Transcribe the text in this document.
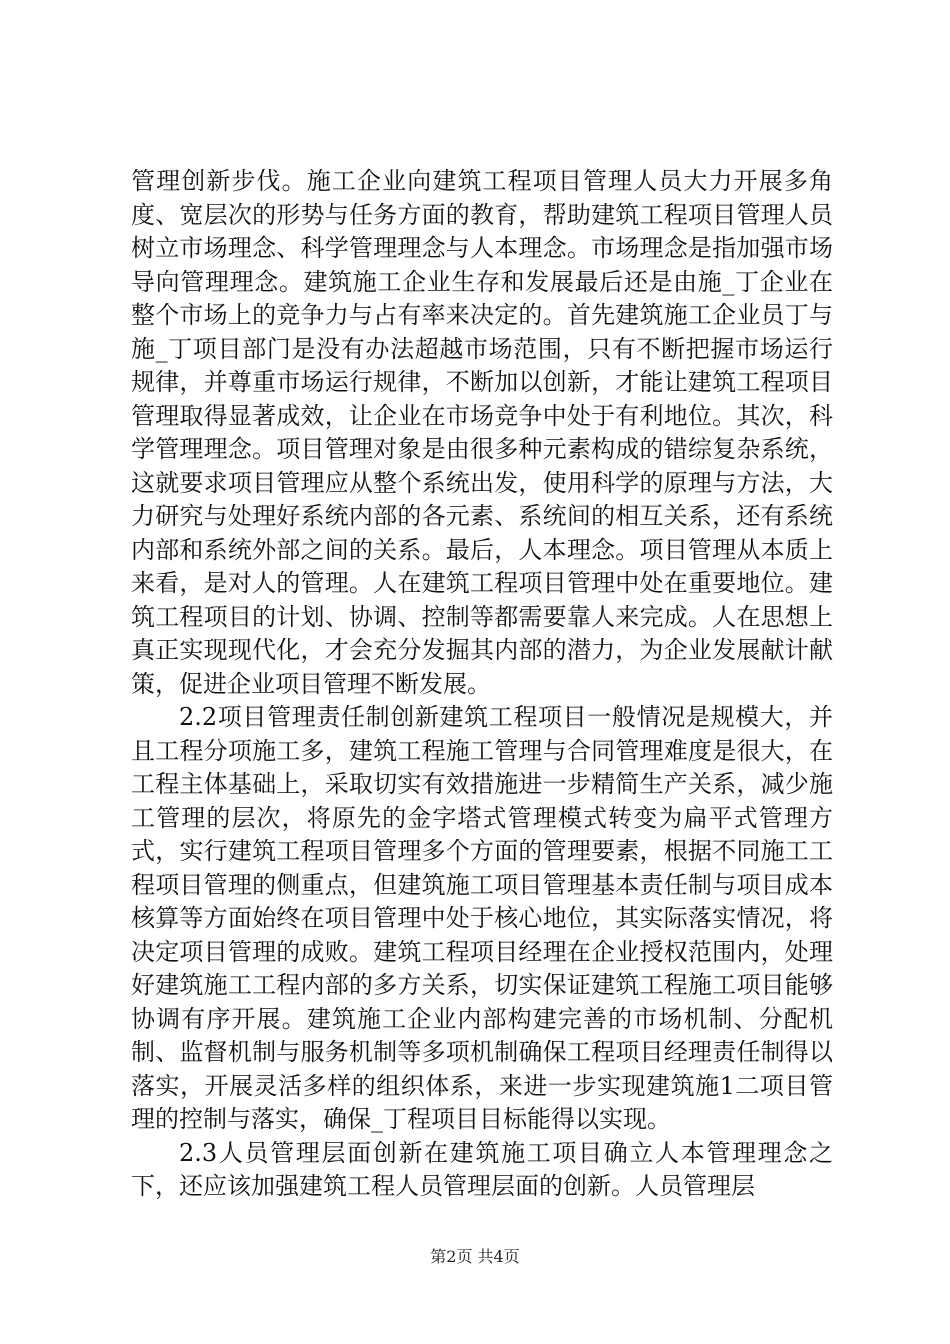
管理创新步伐。施工企业向建筑工程项目管理人员大力开展多角度、宽层次的形势与任务方面的教育，帮助建筑工程项目管理人员树立市场理念、科学管理理念与人本理念。市场理念是指加强市场导向管理理念。建筑施工企业生存和发展最后还是由施_丁企业在整个市场上的竞争力与占有率来决定的。首先建筑施工企业员丁与施_丁项目部门是没有办法超越市场范围，只有不断把握市场运行规律，并尊重市场运行规律，不断加以创新，才能让建筑工程项目管理取得显著成效，让企业在市场竞争中处于有利地位。其次，科学管理理念。项目管理对象是由很多种元素构成的错综复杂系统，这就要求项目管理应从整个系统出发，使用科学的原理与方法，大力研究与处理好系统内部的各元素、系统间的相互关系，还有系统内部和系统外部之间的关系。最后，人本理念。项目管理从本质上来看，是对人的管理。人在建筑工程项目管理中处在重要地位。建筑工程项目的计划、协调、控制等都需要靠人来完成。人在思想上真正实现现代化，才会充分发掘其内部的潜力，为企业发展献计献策，促进企业项目管理不断发展。

2.2项目管理责任制创新建筑工程项目一般情况是规模大，并且工程分项施工多，建筑工程施工管理与合同管理难度是很大，在工程主体基础上，采取切实有效措施进一步精简生产关系，减少施工管理的层次，将原先的金字塔式管理模式转变为扁平式管理方式，实行建筑工程项目管理多个方面的管理要素，根据不同施工工程项目管理的侧重点，但建筑施工项目管理基本责任制与项目成本核算等方面始终在项目管理中处于核心地位，其实际落实情况，将决定项目管理的成败。建筑工程项目经理在企业授权范围内，处理好建筑施工工程内部的多方关系，切实保证建筑工程施工项目能够协调有序开展。建筑施工企业内部构建完善的市场机制、分配机制、监督机制与服务机制等多项机制确保工程项目经理责任制得以落实，开展灵活多样的组织体系，来进一步实现建筑施1二项目管理的控制与落实，确保_丁程项目目标能得以实现。

2.3人员管理层面创新在建筑施工项目确立人本管理理念之下，还应该加强建筑工程人员管理层面的创新。人员管理层

第2页 共4页
